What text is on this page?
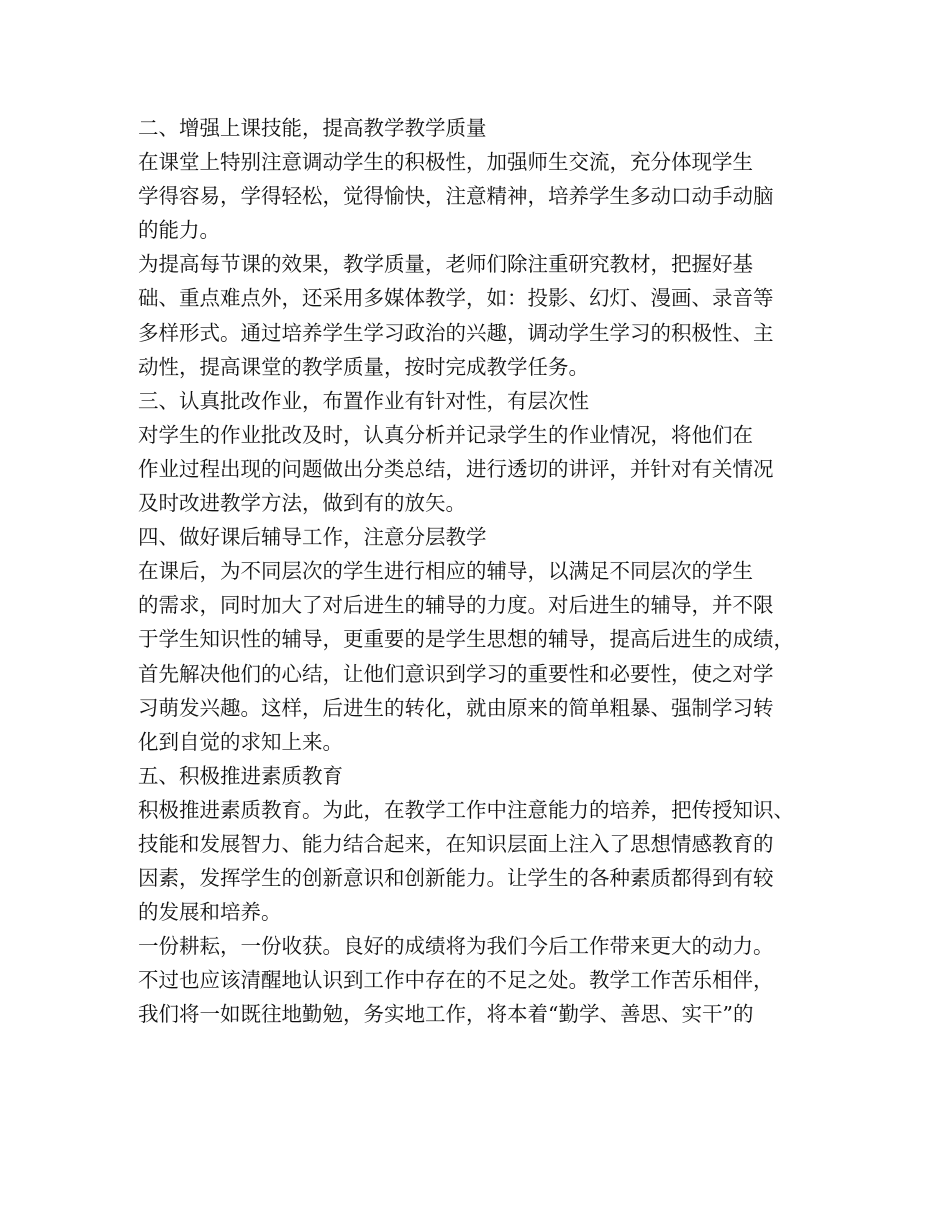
二、增强上课技能，提高教学教学质量
在课堂上特别注意调动学生的积极性，加强师生交流，充分体现学生
学得容易，学得轻松，觉得愉快，注意精神，培养学生多动口动手动脑
的能力。
为提高每节课的效果，教学质量，老师们除注重研究教材，把握好基
础、重点难点外，还采用多媒体教学，如：投影、幻灯、漫画、录音等
多样形式。通过培养学生学习政治的兴趣，调动学生学习的积极性、主
动性，提高课堂的教学质量，按时完成教学任务。
三、认真批改作业，布置作业有针对性，有层次性
对学生的作业批改及时，认真分析并记录学生的作业情况，将他们在
作业过程出现的问题做出分类总结，进行透切的讲评，并针对有关情况
及时改进教学方法，做到有的放矢。
四、做好课后辅导工作，注意分层教学
在课后，为不同层次的学生进行相应的辅导，以满足不同层次的学生
的需求，同时加大了对后进生的辅导的力度。对后进生的辅导，并不限
于学生知识性的辅导，更重要的是学生思想的辅导，提高后进生的成绩，
首先解决他们的心结，让他们意识到学习的重要性和必要性，使之对学
习萌发兴趣。这样，后进生的转化，就由原来的简单粗暴、强制学习转
化到自觉的求知上来。
五、积极推进素质教育
积极推进素质教育。为此，在教学工作中注意能力的培养，把传授知识、
技能和发展智力、能力结合起来，在知识层面上注入了思想情感教育的
因素，发挥学生的创新意识和创新能力。让学生的各种素质都得到有较
的发展和培养。
一份耕耘，一份收获。良好的成绩将为我们今后工作带来更大的动力。
不过也应该清醒地认识到工作中存在的不足之处。教学工作苦乐相伴，
我们将一如既往地勤勉，务实地工作，将本着“勤学、善思、实干”的
